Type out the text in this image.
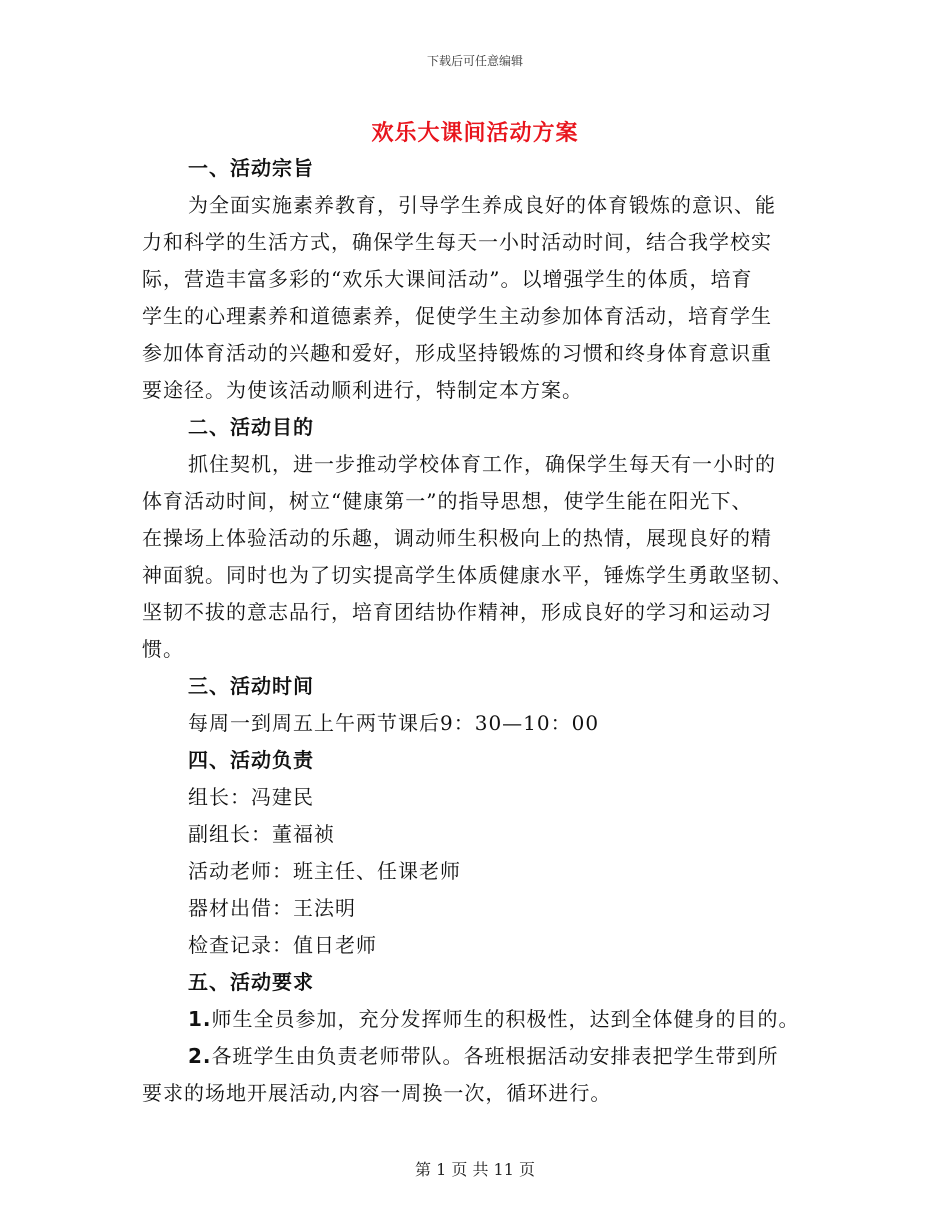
下载后可任意编辑
欢乐大课间活动方案
一、活动宗旨
为全面实施素养教育，引导学生养成良好的体育锻炼的意识、能
力和科学的生活方式，确保学生每天一小时活动时间，结合我学校实
际，营造丰富多彩的“欢乐大课间活动”。以增强学生的体质，培育
学生的心理素养和道德素养，促使学生主动参加体育活动，培育学生
参加体育活动的兴趣和爱好，形成坚持锻炼的习惯和终身体育意识重
要途径。为使该活动顺利进行，特制定本方案。
二、活动目的
抓住契机，进一步推动学校体育工作，确保学生每天有一小时的
体育活动时间，树立“健康第一”的指导思想，使学生能在阳光下、
在操场上体验活动的乐趣，调动师生积极向上的热情，展现良好的精
神面貌。同时也为了切实提高学生体质健康水平，锤炼学生勇敢坚韧、
坚韧不拔的意志品行，培育团结协作精神，形成良好的学习和运动习
惯。
三、活动时间
每周一到周五上午两节课后9：30—10：00
四、活动负责
组长：冯建民
副组长：董福祯
活动老师：班主任、任课老师
器材出借：王法明
检查记录：值日老师
五、活动要求
1.师生全员参加，充分发挥师生的积极性，达到全体健身的目的。
2.各班学生由负责老师带队。各班根据活动安排表把学生带到所
要求的场地开展活动,内容一周换一次，循环进行。
第 1 页 共 11 页
